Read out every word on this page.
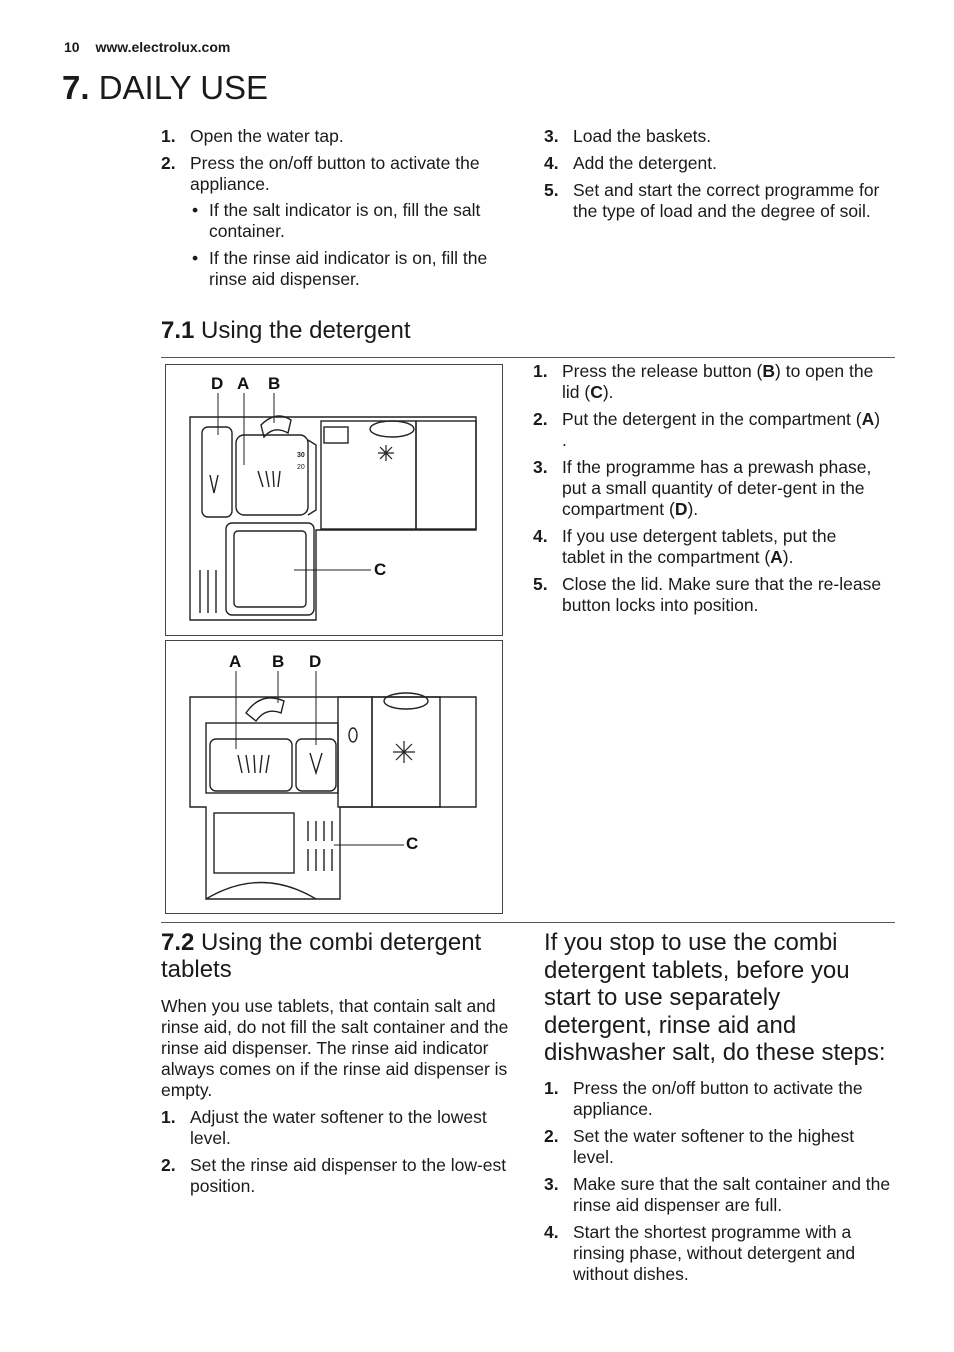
10 www.electrolux.com
7. DAILY USE
1. Open the water tap.
2. Press the on/off button to activate the appliance.
• If the salt indicator is on, fill the salt container.
• If the rinse aid indicator is on, fill the rinse aid dispenser.
3. Load the baskets.
4. Add the detergent.
5. Set and start the correct programme for the type of load and the degree of soil.
7.1 Using the detergent
D A B
C
30
20
A B D
C
1. Press the release button (B) to open the lid (C).
2. Put the detergent in the compartment (A) .
3. If the programme has a prewash phase, put a small quantity of deter-gent in the compartment (D).
4. If you use detergent tablets, put the tablet in the compartment (A).
5. Close the lid. Make sure that the re-lease button locks into position.
7.2 Using the combi detergent tablets
When you use tablets, that contain salt and rinse aid, do not fill the salt container and the rinse aid dispenser. The rinse aid indicator always comes on if the rinse aid dispenser is empty.
1. Adjust the water softener to the lowest level.
2. Set the rinse aid dispenser to the low-est position.
If you stop to use the combi detergent tablets, before you start to use separately detergent, rinse aid and dishwasher salt, do these steps:
1. Press the on/off button to activate the appliance.
2. Set the water softener to the highest level.
3. Make sure that the salt container and the rinse aid dispenser are full.
4. Start the shortest programme with a rinsing phase, without detergent and without dishes.
